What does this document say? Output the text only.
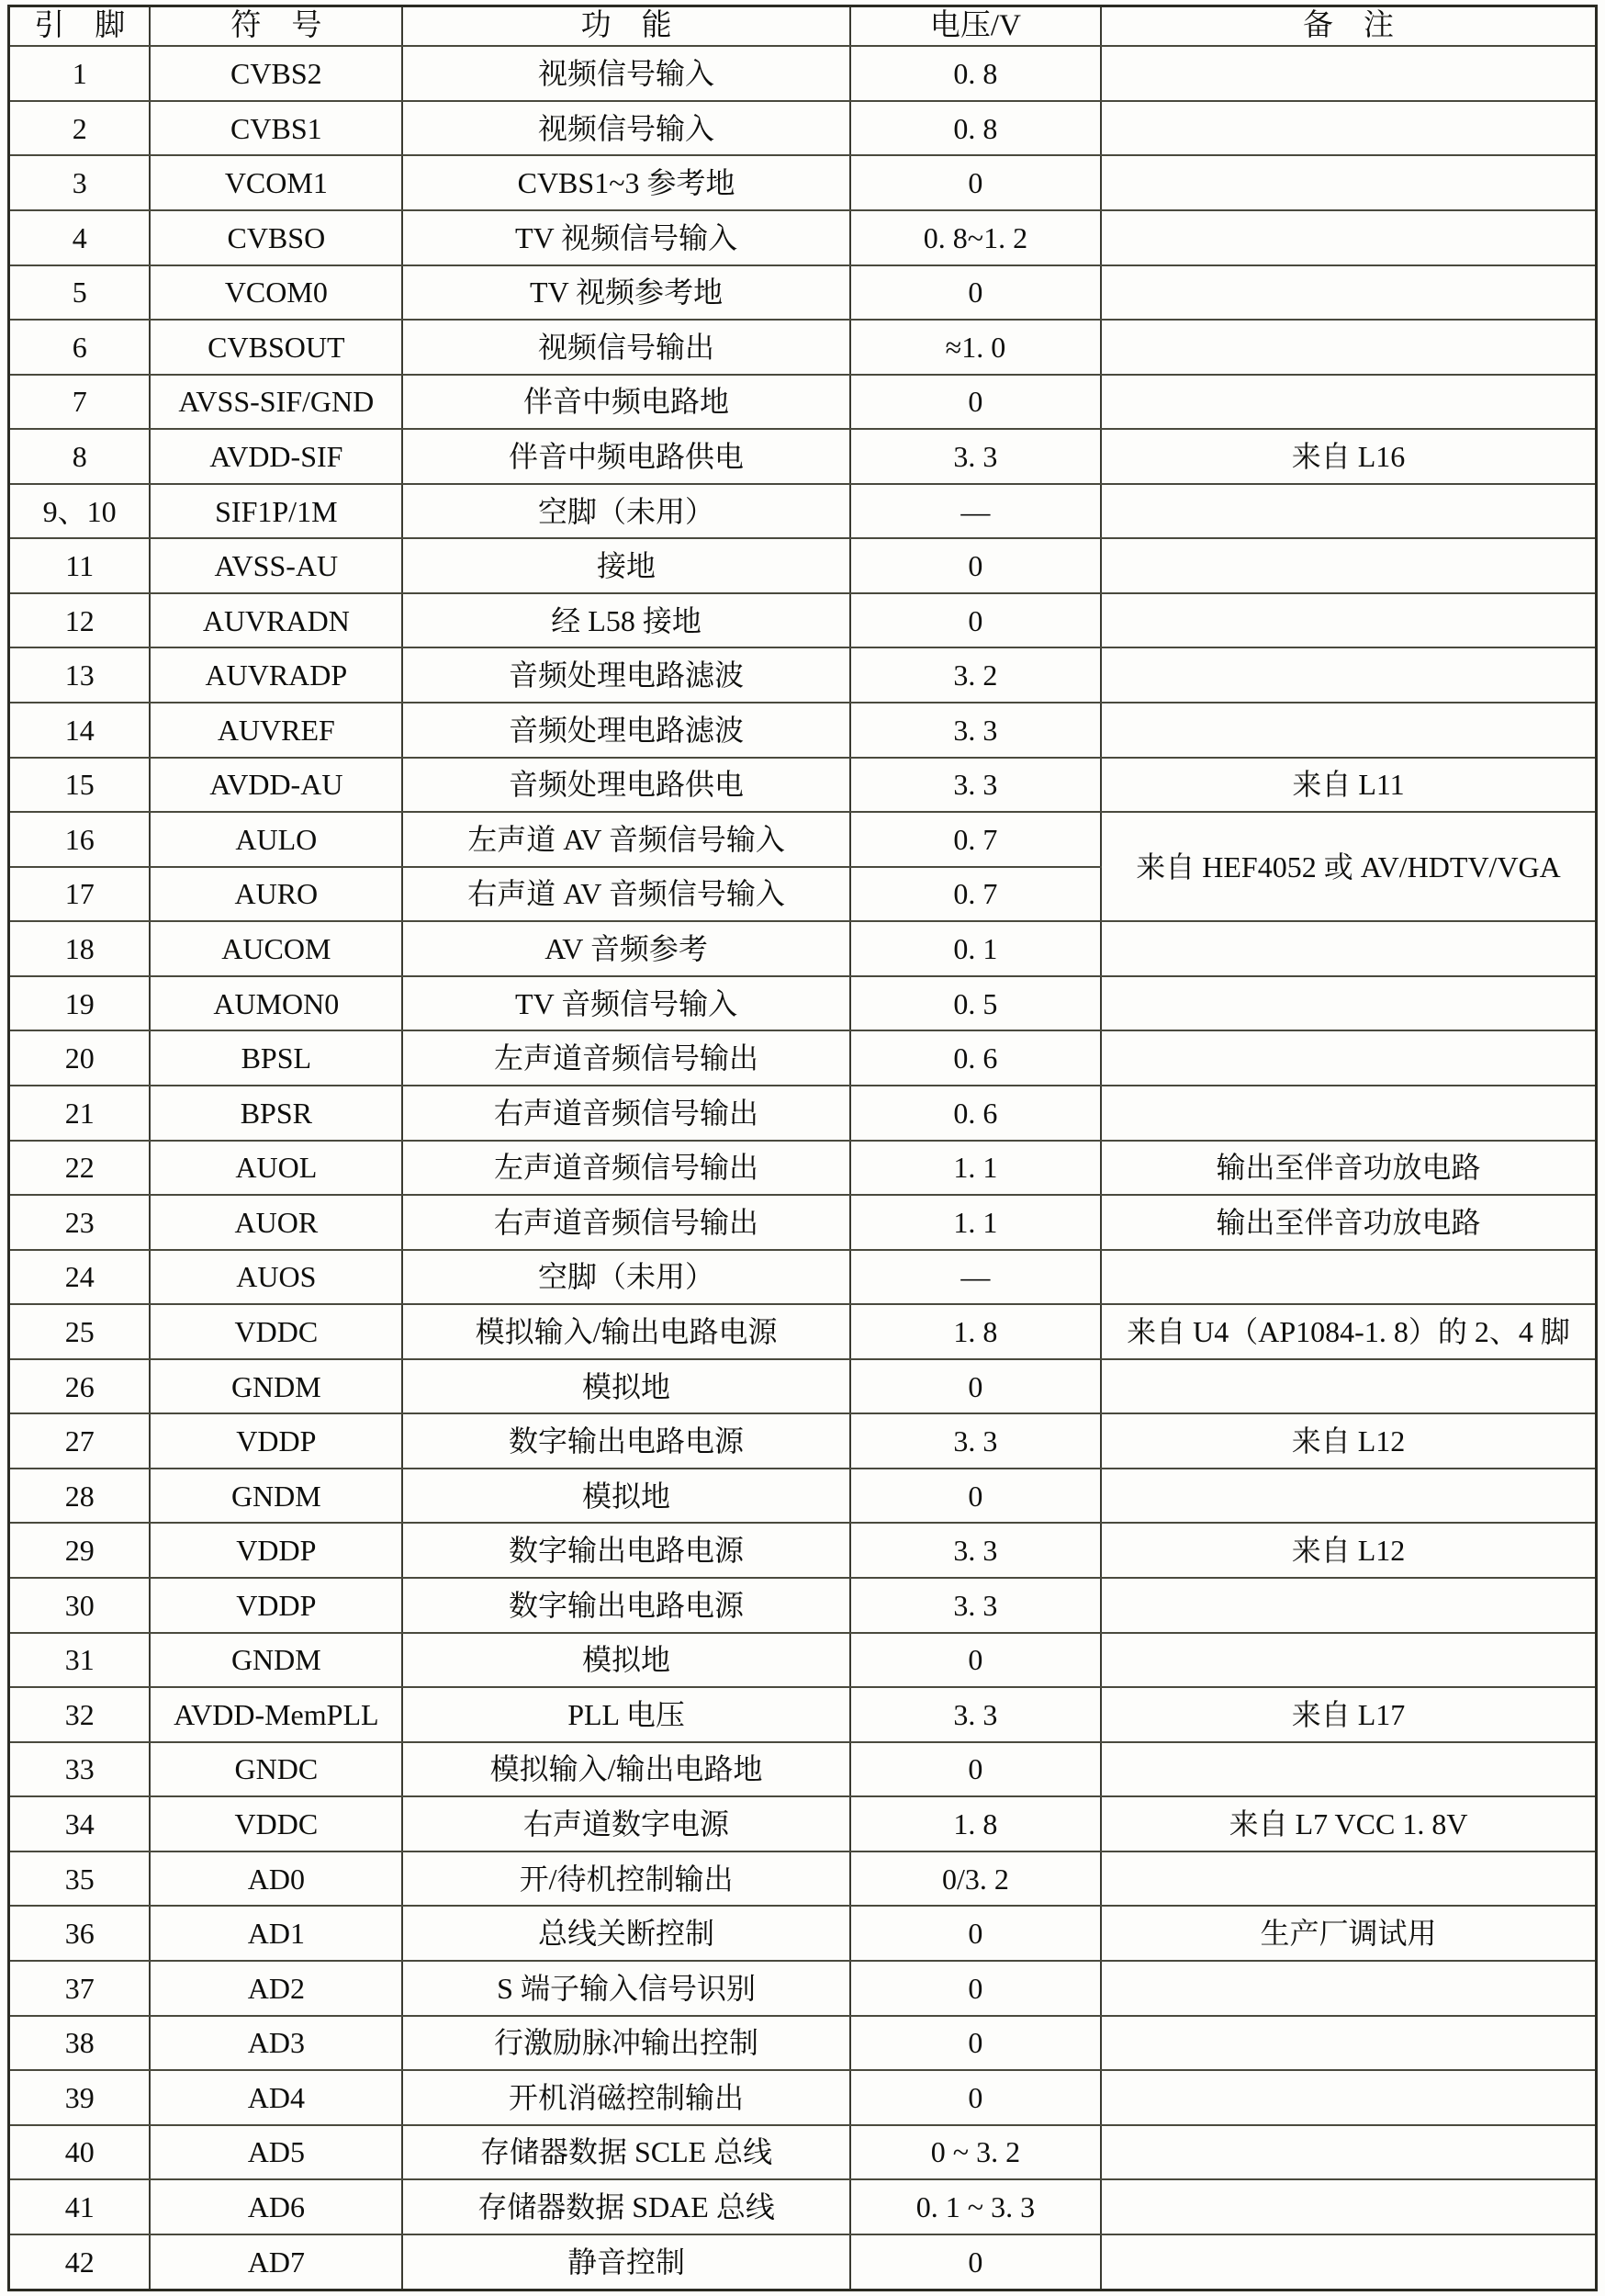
引　脚	符　号	功　能	电压/V	备　注
1	CVBS2	视频信号输入	0. 8	
2	CVBS1	视频信号输入	0. 8	
3	VCOM1	CVBS1~3 参考地	0	
4	CVBSO	TV 视频信号输入	0. 8~1. 2	
5	VCOM0	TV 视频参考地	0	
6	CVBSOUT	视频信号输出	≈1. 0	
7	AVSS-SIF/GND	伴音中频电路地	0	
8	AVDD-SIF	伴音中频电路供电	3. 3	来自 L16
9、10	SIF1P/1M	空脚（未用）	—	
11	AVSS-AU	接地	0	
12	AUVRADN	经 L58 接地	0	
13	AUVRADP	音频处理电路滤波	3. 2	
14	AUVREF	音频处理电路滤波	3. 3	
15	AVDD-AU	音频处理电路供电	3. 3	来自 L11
16	AULO	左声道 AV 音频信号输入	0. 7	来自 HEF4052 或 AV/HDTV/VGA
17	AURO	右声道 AV 音频信号输入	0. 7	
18	AUCOM	AV 音频参考	0. 1	
19	AUMON0	TV 音频信号输入	0. 5	
20	BPSL	左声道音频信号输出	0. 6	
21	BPSR	右声道音频信号输出	0. 6	
22	AUOL	左声道音频信号输出	1. 1	输出至伴音功放电路
23	AUOR	右声道音频信号输出	1. 1	输出至伴音功放电路
24	AUOS	空脚（未用）	—	
25	VDDC	模拟输入/输出电路电源	1. 8	来自 U4（AP1084-1. 8）的 2、4 脚
26	GNDM	模拟地	0	
27	VDDP	数字输出电路电源	3. 3	来自 L12
28	GNDM	模拟地	0	
29	VDDP	数字输出电路电源	3. 3	来自 L12
30	VDDP	数字输出电路电源	3. 3	
31	GNDM	模拟地	0	
32	AVDD-MemPLL	PLL 电压	3. 3	来自 L17
33	GNDC	模拟输入/输出电路地	0	
34	VDDC	右声道数字电源	1. 8	来自 L7 VCC 1. 8V
35	AD0	开/待机控制输出	0/3. 2	
36	AD1	总线关断控制	0	生产厂调试用
37	AD2	S 端子输入信号识别	0	
38	AD3	行激励脉冲输出控制	0	
39	AD4	开机消磁控制输出	0	
40	AD5	存储器数据 SCLE 总线	0 ~ 3. 2	
41	AD6	存储器数据 SDAE 总线	0. 1 ~ 3. 3	
42	AD7	静音控制	0	
